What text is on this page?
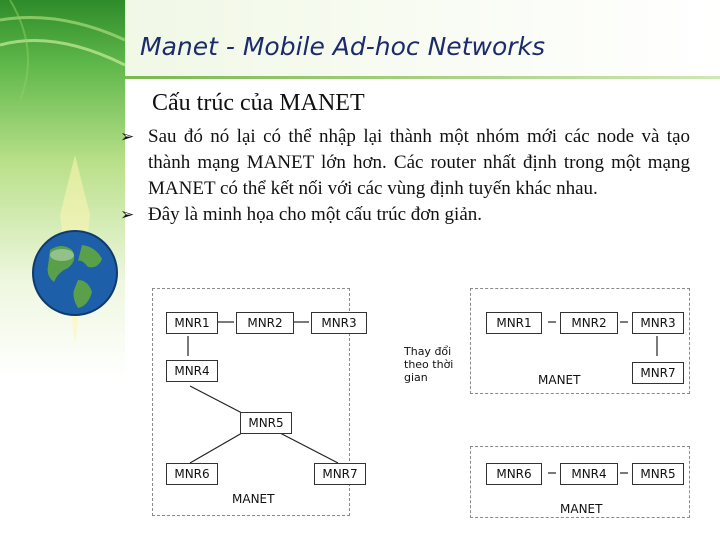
Manet - Mobile Ad-hoc Networks
Cấu trúc của MANET
➢ Sau đó nó lại có thể nhập lại thành một nhóm mới các node và tạo thành mạng MANET lớn hơn. Các router nhất định trong một mạng MANET có thể kết nối với các vùng định tuyến khác nhau.
➢ Đây là minh họa cho một cấu trúc đơn giản.
MNR1	MNR2	MNR3
MNR4
MNR5
MNR6	MNR7
MANET
Thay đổi theo thời gian
MNR1	MNR2	MNR3
MNR7
MANET
MNR6	MNR4	MNR5
MANET
